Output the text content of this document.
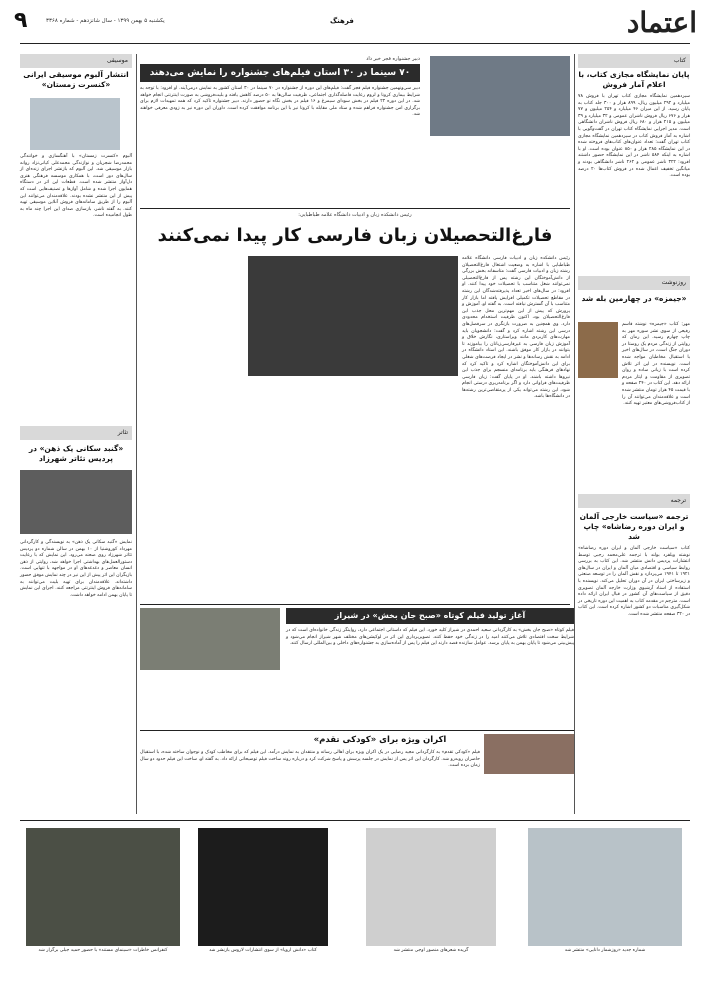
۹	یکشنبه ۵ بهمن ۱۳۹۹ - سال شانزدهم - شماره ۳۳۶۸	فرهنگ	اعتماد
کتاب
پایان نمایشگاه مجازی کتاب، با اعلام آمار فروش
سیزدهمین نمایشگاه مجازی کتاب تهران با فروش ۷۸ میلیارد و ۲۹۲ میلیون ریال، ۸۹۹ هزار و ۳۰۰ جلد کتاب به پایان رسید. از این میزان ۴۶ میلیارد و ۲۵۴ میلیون و ۷۷ هزار و ۶۷۶ ریال فروش ناشران عمومی و ۳۲ میلیارد و ۳۹ میلیون و ۲۱۵ هزار و ۶۸۰ ریال فروش ناشران دانشگاهی است. مدیر اجرایی نمایشگاه کتاب تهران در گفت‌وگویی با اشاره به آمار فروش کتاب در سیزدهمین نمایشگاه مجازی کتاب تهران گفت: تعداد عنوان‌های کتاب‌های فروخته شده در این نمایشگاه ۲۸۵ هزار و ۸۵۰ عنوان بوده است. او با اشاره به اینکه ۵۸۴ ناشر در این نمایشگاه حضور داشتند افزود: ۳۲۲ ناشر عمومی و ۲۶۲ ناشر دانشگاهی بودند و میانگین تخفیف اعمال شده در فروش کتاب‌ها ۲۰ درصد بوده است.
روزنوشت
«جیمزه» در چهارمین بله شد
مهر: کتاب «جیمزه» نوشته قاسم رفیعی از سوی نشر سوره مهر به چاپ چهارم رسید. این رمان که روایتی از زندگی مردم یک روستا در دوران جنگ است، در سال‌های اخیر با استقبال مخاطبان مواجه شده است. نویسنده در این اثر تلاش کرده است با زبانی ساده و روان تصویری از مقاومت و ایثار مردم ارائه دهد. این کتاب در ۲۴۰ صفحه و با قیمت ۴۵ هزار تومان منتشر شده است و علاقه‌مندان می‌توانند آن را از کتاب‌فروشی‌های معتبر تهیه کنند.
ترجمه
ترجمه «سیاست خارجی آلمان و ایران دوره رضاشاه» چاپ شد
کتاب «سیاست خارجی آلمان و ایران دوره رضاشاه» نوشته ویلفرد بولند با ترجمه علی‌محمد رجبی توسط انتشارات پردیس دانش منتشر شد. این کتاب به بررسی روابط سیاسی و اقتصادی میان آلمان و ایران در سال‌های ۱۹۲۱ تا ۱۹۴۱ می‌پردازد و نقش آلمان را در توسعه صنعتی و زیرساختی ایران در آن دوران تحلیل می‌کند. نویسنده با استفاده از اسناد آرشیوی وزارت خارجه آلمان تصویری دقیق از سیاست‌های آن کشور در قبال ایران ارائه داده است. مترجم در مقدمه کتاب به اهمیت این دوره تاریخی در شکل‌گیری مناسبات دو کشور اشاره کرده است. این کتاب در ۳۲۰ صفحه منتشر شده است.
موسیقی
انتشار آلبوم موسیقی ایرانی «کنسرت زمستان»
آلبوم «کنسرت زمستان» با آهنگسازی و خوانندگی محمدرضا شجریان و نوازندگی محمدعلی کیانی‌نژاد روانه بازار موسیقی شد. این آلبوم که بازنشر اجرای زنده‌ای از سال‌های دور است، با همکاری موسسه فرهنگی هنری دل‌آواز منتشر شده است. قطعات این اثر در دستگاه همایون اجرا شده و شامل آوازها و تصنیف‌هایی است که پیش از این منتشر نشده بودند. علاقه‌مندان می‌توانند این آلبوم را از طریق سامانه‌های فروش آنلاین موسیقی تهیه کنند. به گفته ناشر، بازسازی صدای این اجرا چند ماه به طول انجامیده است.
تئاتر
«گنبد سکانی یک ذهن» در پردیس تئاتر شهرزاد
نمایش «گنبد سکانی یک ذهن» به نویسندگی و کارگردانی مهرداد کوروشنیا از ۱۰ بهمن در سالن شماره دو پردیس تئاتر شهرزاد روی صحنه می‌رود. این نمایش که با رعایت دستورالعمل‌های بهداشتی اجرا خواهد شد، روایتی از ذهن انسان معاصر و دغدغه‌های او در مواجهه با تنهایی است. بازیگران این اثر پیش از این نیز در چند نمایش موفق حضور داشته‌اند. علاقه‌مندان برای تهیه بلیت می‌توانند به سامانه‌های فروش اینترنتی مراجعه کنند. اجرای این نمایش تا پایان بهمن ادامه خواهد داشت.
دبیر جشنواره فجر خبر داد
۷۰ سینما در ۳۰ استان فیلم‌های جشنواره را نمایش می‌دهند
دبیر سی‌ونهمین جشنواره فیلم فجر گفت: فیلم‌های این دوره از جشنواره در ۷۰ سینما در ۳۰ استان کشور به نمایش درمی‌آیند. او افزود: با توجه به شرایط بیماری کرونا و لزوم رعایت فاصله‌گذاری اجتماعی، ظرفیت سالن‌ها به ۵۰ درصد کاهش یافته و بلیت‌فروشی به صورت اینترنتی انجام خواهد شد. در این دوره ۲۲ فیلم در بخش سودای سیمرغ و ۱۶ فیلم در بخش نگاه نو حضور دارند. دبیر جشنواره تاکید کرد که همه تمهیدات لازم برای برگزاری امن جشنواره فراهم شده و ستاد ملی مقابله با کرونا نیز با این برنامه موافقت کرده است. داوران این دوره نیز به زودی معرفی خواهند شد.
رئیس دانشکده زبان و ادبیات دانشگاه علامه طباطبایی:
فارغ‌التحصیلان زبان فارسی کار پیدا نمی‌کنند
رئیس دانشکده زبان و ادبیات فارسی دانشگاه علامه طباطبایی با اشاره به وضعیت اشتغال فارغ‌التحصیلان رشته زبان و ادبیات فارسی گفت: متاسفانه بخش بزرگی از دانش‌آموختگان این رشته پس از فارغ‌التحصیلی نمی‌توانند شغل متناسب با تحصیلات خود پیدا کنند. او افزود: در سال‌های اخیر تعداد پذیرفته‌شدگان این رشته در مقاطع تحصیلات تکمیلی افزایش یافته اما بازار کار متناسب با آن گسترش نیافته است. به گفته او، آموزش و پرورش که پیش از این مهم‌ترین محل جذب این فارغ‌التحصیلان بود، اکنون ظرفیت استخدام محدودی دارد. وی همچنین به ضرورت بازنگری در سرفصل‌های درسی این رشته اشاره کرد و گفت: دانشجویان باید مهارت‌های کاربردی مانند ویراستاری، نگارش خلاق و آموزش زبان فارسی به غیرفارسی‌زبانان را بیاموزند تا بتوانند در بازار کار موفق باشند. این استاد دانشگاه در ادامه به نقش رسانه‌ها و نشر در ایجاد فرصت‌های شغلی برای این دانش‌آموختگان اشاره کرد و تاکید کرد که نهادهای فرهنگی باید برنامه‌ای منسجم برای جذب این نیروها داشته باشند. او در پایان گفت: زبان فارسی ظرفیت‌های فراوانی دارد و اگر برنامه‌ریزی درستی انجام شود، این رشته می‌تواند یکی از پرمتقاضی‌ترین رشته‌ها در دانشگاه‌ها باشد.
آغاز تولید فیلم کوتاه «صبح جان بخش» در شیراز
فیلم کوتاه «صبح جان بخش» به کارگردانی سعید احمدی در شیراز کلید خورد. این فیلم که داستانی اجتماعی دارد، روایتگر زندگی خانواده‌ای است که در شرایط سخت اقتصادی تلاش می‌کنند امید را در زندگی خود حفظ کنند. تصویربرداری این اثر در لوکیشن‌های مختلف شهر شیراز انجام می‌شود و پیش‌بینی می‌شود تا پایان بهمن به پایان برسد. عوامل سازنده قصد دارند این فیلم را پس از آماده‌سازی به جشنواره‌های داخلی و بین‌المللی ارسال کنند.
اکران ویژه برای «کودکی تقدم»
فیلم «کودکی تقدم» به کارگردانی مجید رضایی در یک اکران ویژه برای اهالی رسانه و منتقدان به نمایش درآمد. این فیلم که برای مخاطب کودک و نوجوان ساخته شده، با استقبال حاضران روبه‌رو شد. کارگردان این اثر پس از نمایش در جلسه پرسش و پاسخ شرکت کرد و درباره روند ساخت فیلم توضیحاتی ارائه داد. به گفته او، ساخت این فیلم حدود دو سال زمان برده است.
کنفرانس خاطرات «سینمای مستند» با حضور حمید جبلی برگزار شد	کتاب «دانش اروپا» از سوی انتشارات لاروس بازنشر شد	گزیده شعرهای منصور اوجی منتشر شد	شماره جدید «روزشمار دانایی» منتشر شد
